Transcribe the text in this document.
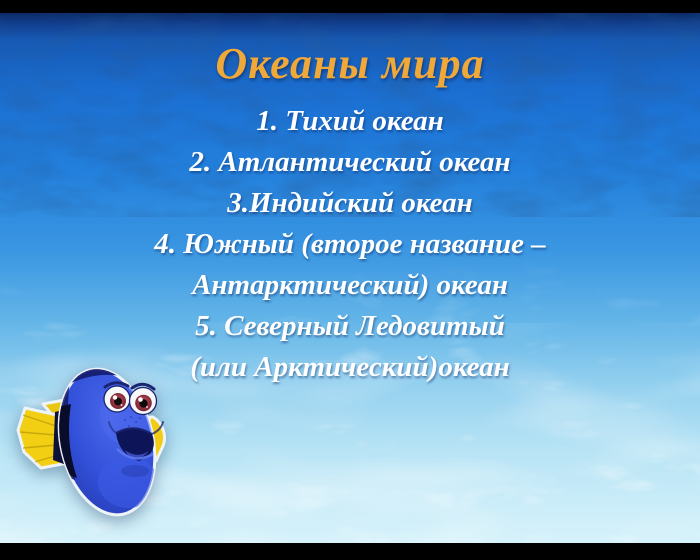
Океаны мира
1. Тихий океан
2. Атлантический океан
3.Индийский океан
4. Южный (второе название –
Антарктический) океан
5. Северный Ледовитый
(или Арктический)океан
